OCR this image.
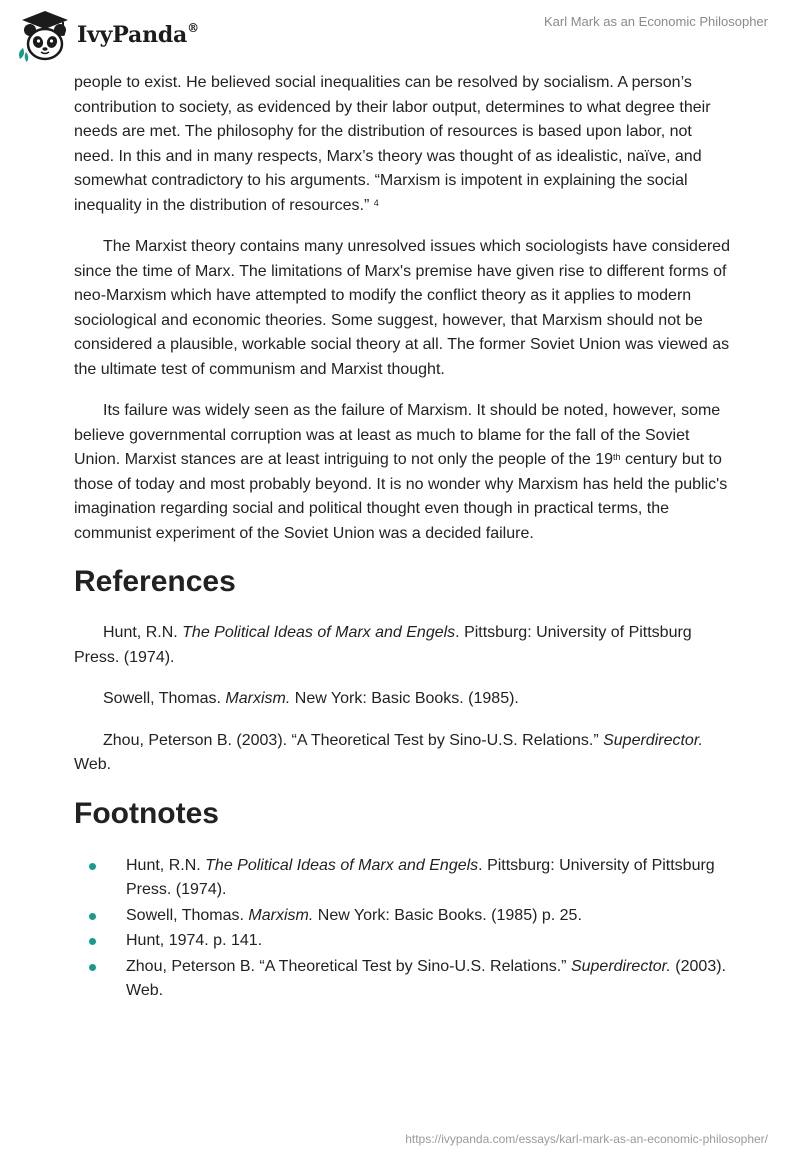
IvyPanda®	Karl Mark as an Economic Philosopher

people to exist. He believed social inequalities can be resolved by socialism. A person’s contribution to society, as evidenced by their labor output, determines to what degree their needs are met. The philosophy for the distribution of resources is based upon labor, not need. In this and in many respects, Marx’s theory was thought of as idealistic, naïve, and somewhat contradictory to his arguments. “Marxism is impotent in explaining the social inequality in the distribution of resources.” $^4$

The Marxist theory contains many unresolved issues which sociologists have considered since the time of Marx. The limitations of Marx's premise have given rise to different forms of neo-Marxism which have attempted to modify the conflict theory as it applies to modern sociological and economic theories. Some suggest, however, that Marxism should not be considered a plausible, workable social theory at all. The former Soviet Union was viewed as the ultimate test of communism and Marxist thought.

Its failure was widely seen as the failure of Marxism. It should be noted, however, some believe governmental corruption was at least as much to blame for the fall of the Soviet Union. Marxist stances are at least intriguing to not only the people of the 19th century but to those of today and most probably beyond. It is no wonder why Marxism has held the public's imagination regarding social and political thought even though in practical terms, the communist experiment of the Soviet Union was a decided failure.

References

Hunt, R.N. The Political Ideas of Marx and Engels. Pittsburg: University of Pittsburg Press. (1974).

Sowell, Thomas. Marxism. New York: Basic Books. (1985).

Zhou, Peterson B. (2003). “A Theoretical Test by Sino-U.S. Relations.” Superdirector. Web.

Footnotes
Hunt, R.N. The Political Ideas of Marx and Engels. Pittsburg: University of Pittsburg Press. (1974).
Sowell, Thomas. Marxism. New York: Basic Books. (1985) p. 25.
Hunt, 1974. p. 141.
Zhou, Peterson B. “A Theoretical Test by Sino-U.S. Relations.” Superdirector. (2003). Web.
https://ivypanda.com/essays/karl-mark-as-an-economic-philosopher/
